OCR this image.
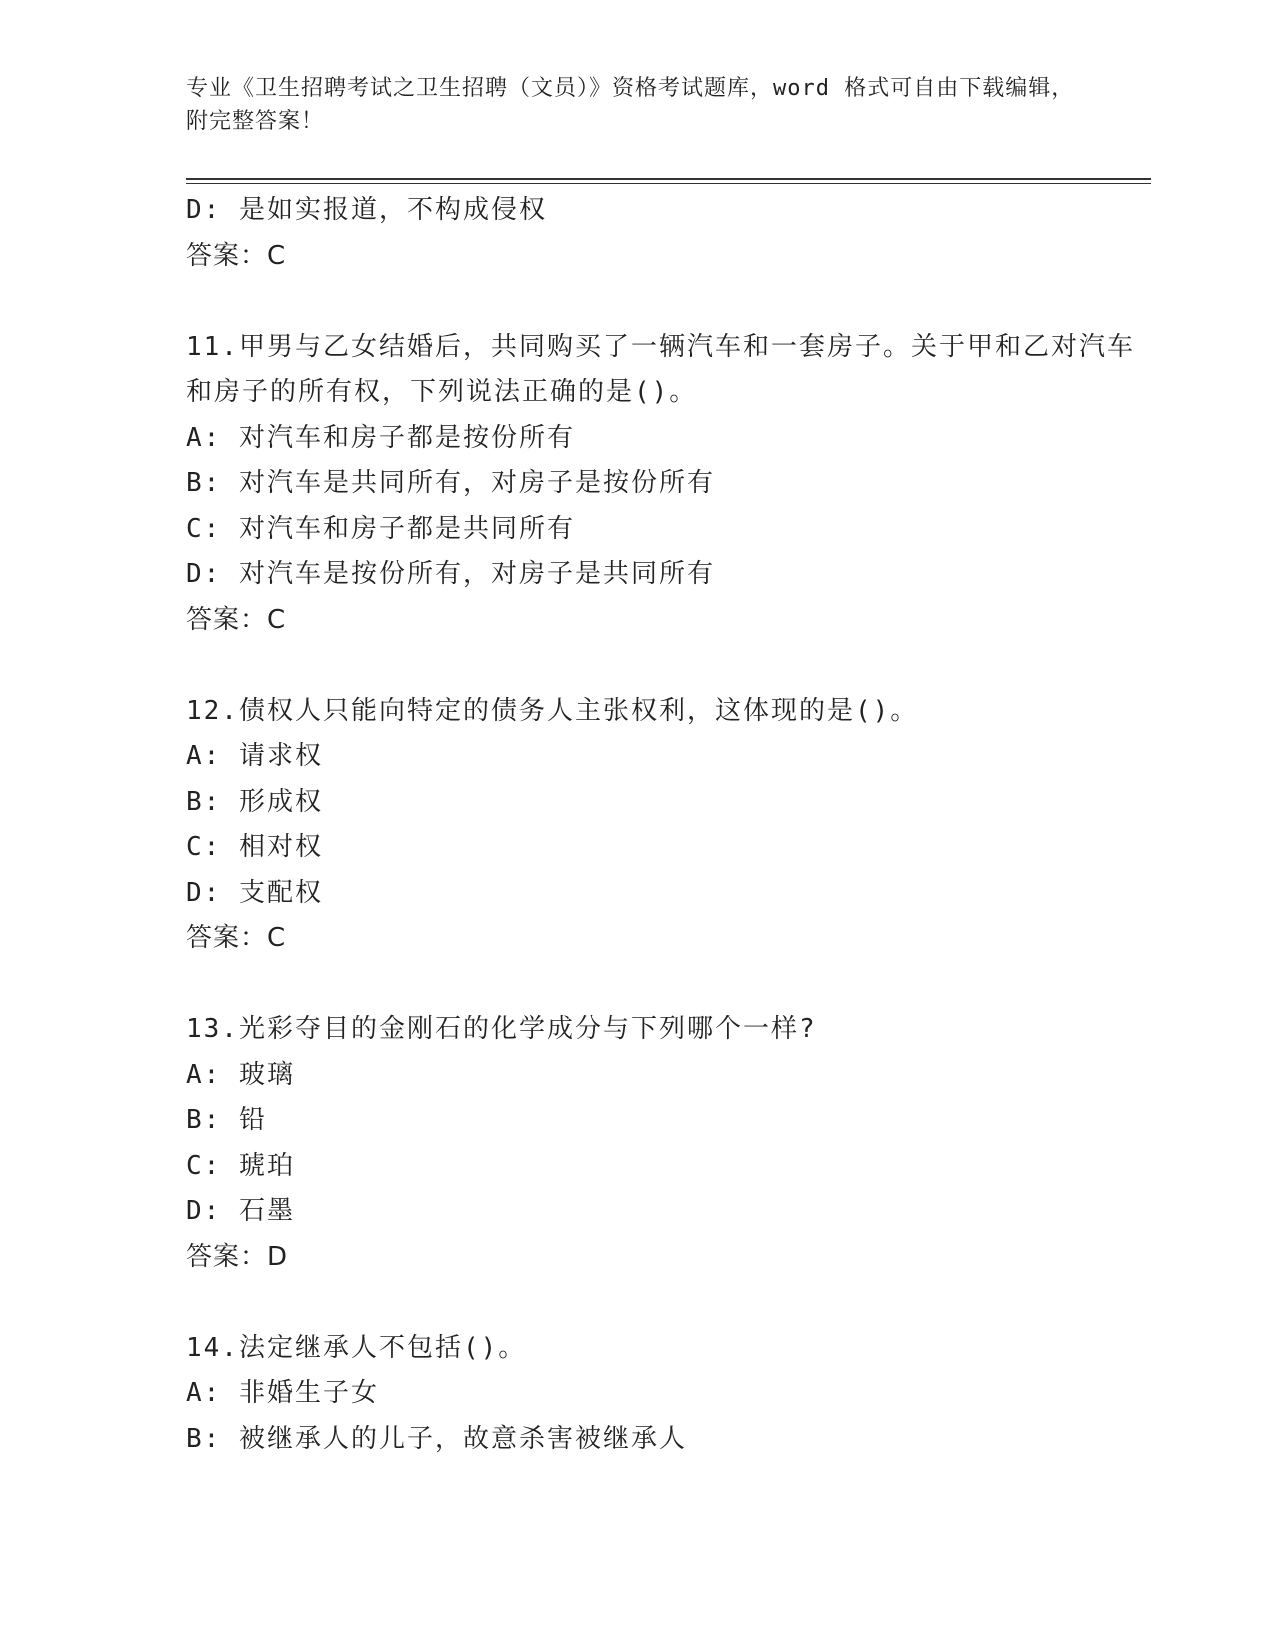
专业《卫生招聘考试之卫生招聘（文员）》资格考试题库，word 格式可自由下载编辑，附完整答案！
D: 是如实报道，不构成侵权
答案：C
11.甲男与乙女结婚后，共同购买了一辆汽车和一套房子。关于甲和乙对汽车和房子的所有权，下列说法正确的是()。
A: 对汽车和房子都是按份所有
B: 对汽车是共同所有，对房子是按份所有
C: 对汽车和房子都是共同所有
D: 对汽车是按份所有，对房子是共同所有
答案：C
12.债权人只能向特定的债务人主张权利，这体现的是()。
A: 请求权
B: 形成权
C: 相对权
D: 支配权
答案：C
13.光彩夺目的金刚石的化学成分与下列哪个一样?
A: 玻璃
B: 铅
C: 琥珀
D: 石墨
答案：D
14.法定继承人不包括()。
A: 非婚生子女
B: 被继承人的儿子，故意杀害被继承人
